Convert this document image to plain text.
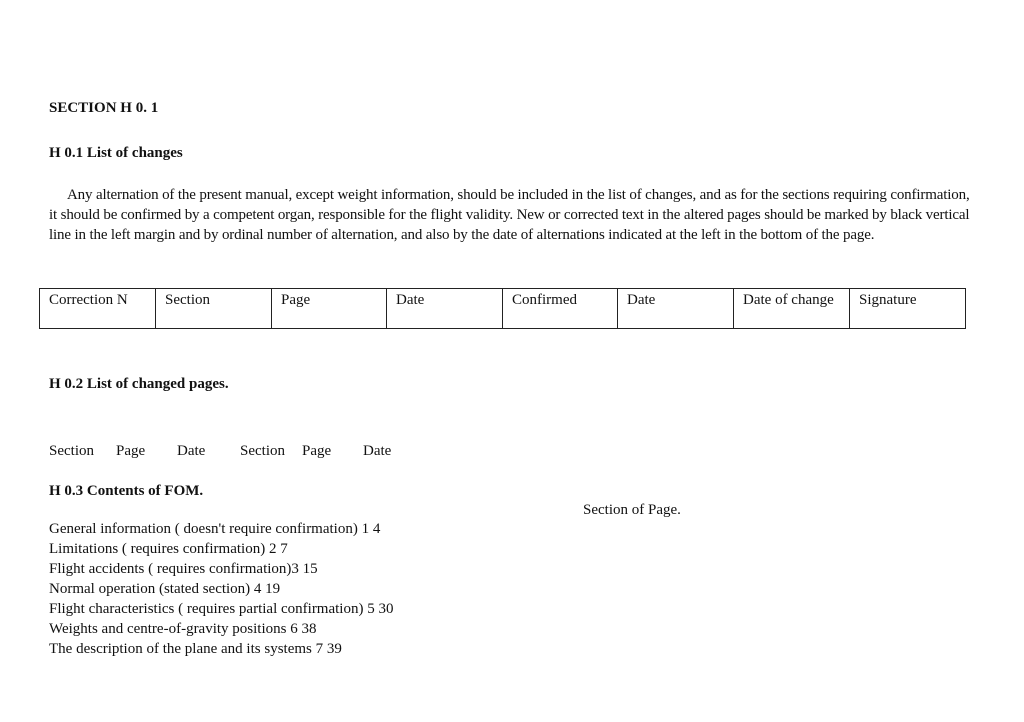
SECTION H 0. 1
H 0.1 List of changes

Any alternation of the present manual, except weight information, should be included in the list of changes, and as for the sections requiring confirmation, it should be confirmed by a competent organ, responsible for the flight validity. New or corrected text in the altered pages should be marked by black vertical line in the left margin and by ordinal number of alternation, and also by the date of alternations indicated at the left in the bottom of the page.

Correction N	Section	Page	Date	Confirmed	Date	Date of change	Signature
H 0.2 List of changed pages.
Section Page Date Section Page Date
H 0.3 Contents of FOM.
Section of Page.
General information ( doesn't require confirmation) 1 4
Limitations ( requires confirmation) 2 7
Flight accidents ( requires confirmation)3 15
Normal operation (stated section) 4 19
Flight characteristics ( requires partial confirmation) 5 30
Weights and centre-of-gravity positions 6 38
The description of the plane and its systems 7 39
